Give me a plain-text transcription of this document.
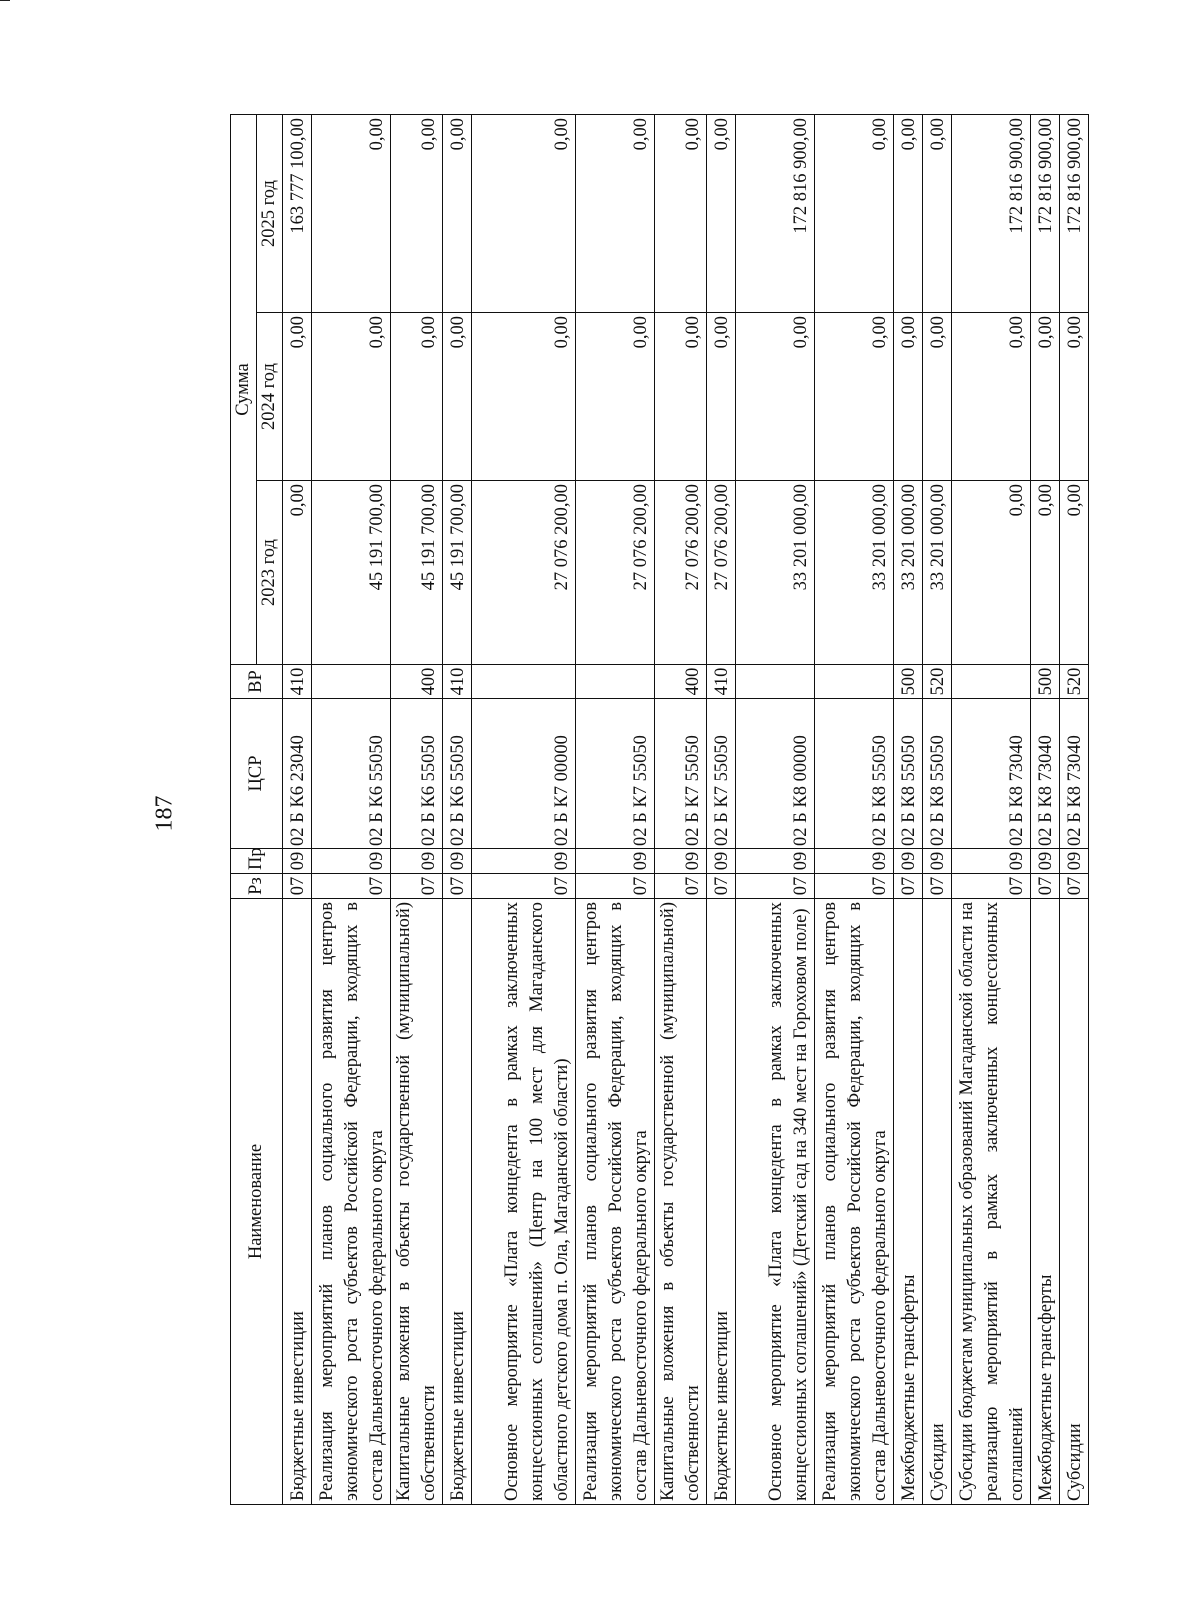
187
Наименование	Рз	Пр	ЦСР	ВР	Сумма		
					2023 год	2024 год	2025 год
Бюджетные инвестиции	07	09	02 Б К6 23040	410	0,00	0,00	163 777 100,00
Реализация мероприятий планов социального развития центров экономического роста субъектов Российской Федерации, входящих в состав Дальневосточного федерального округа	07	09	02 Б К6 55050		45 191 700,00	0,00	0,00
Капитальные вложения в объекты государственной (муниципальной) собственности	07	09	02 Б К6 55050	400	45 191 700,00	0,00	0,00
Бюджетные инвестиции	07	09	02 Б К6 55050	410	45 191 700,00	0,00	0,00
Основное мероприятие «Плата концедента в рамках заключенных концессионных соглашений» (Центр на 100 мест для Магаданского областного детского дома п. Ола, Магаданской области)	07	09	02 Б К7 00000		27 076 200,00	0,00	0,00
Реализация мероприятий планов социального развития центров экономического роста субъектов Российской Федерации, входящих в состав Дальневосточного федерального округа	07	09	02 Б К7 55050		27 076 200,00	0,00	0,00
Капитальные вложения в объекты государственной (муниципальной) собственности	07	09	02 Б К7 55050	400	27 076 200,00	0,00	0,00
Бюджетные инвестиции	07	09	02 Б К7 55050	410	27 076 200,00	0,00	0,00
Основное мероприятие «Плата концедента в рамках заключенных концессионных соглашений» (Детский сад на 340 мест на Гороховом поле)	07	09	02 Б К8 00000		33 201 000,00	0,00	172 816 900,00
Реализация мероприятий планов социального развития центров экономического роста субъектов Российской Федерации, входящих в состав Дальневосточного федерального округа	07	09	02 Б К8 55050		33 201 000,00	0,00	0,00
Межбюджетные трансферты	07	09	02 Б К8 55050	500	33 201 000,00	0,00	0,00
Субсидии	07	09	02 Б К8 55050	520	33 201 000,00	0,00	0,00
Субсидии бюджетам муниципальных образований Магаданской области на реализацию мероприятий в рамках заключенных концессионных соглашений	07	09	02 Б К8 73040		0,00	0,00	172 816 900,00
Межбюджетные трансферты	07	09	02 Б К8 73040	500	0,00	0,00	172 816 900,00
Субсидии	07	09	02 Б К8 73040	520	0,00	0,00	172 816 900,00
